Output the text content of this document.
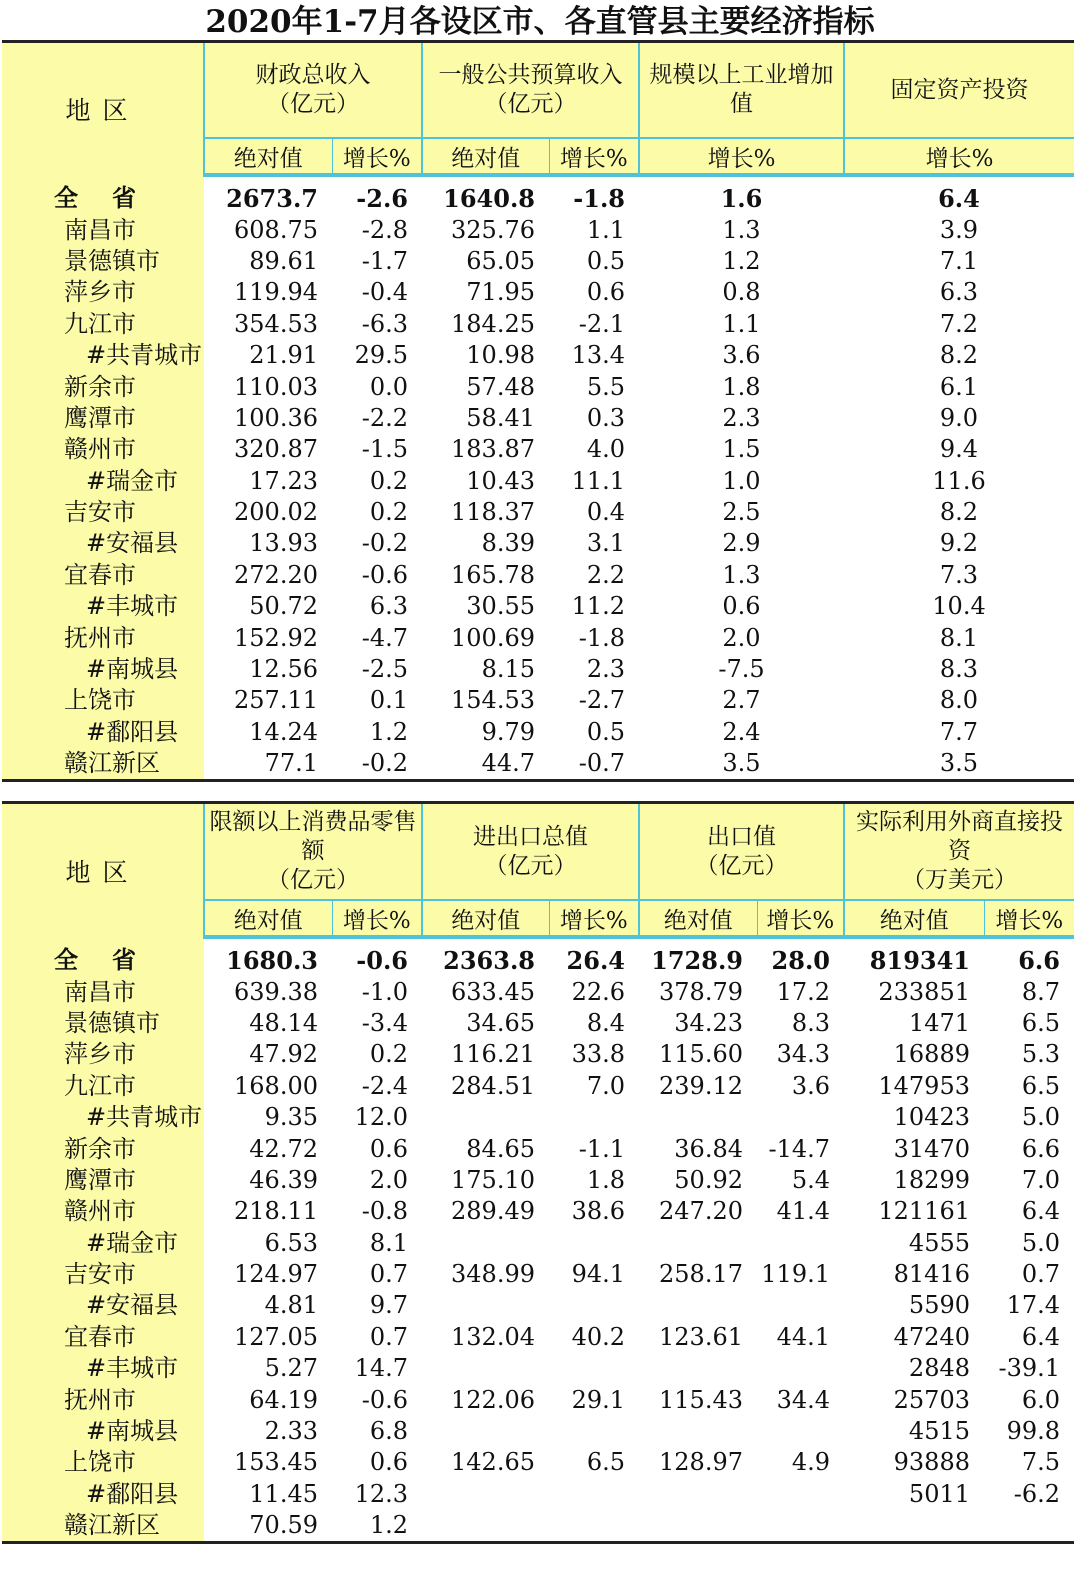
2020年1-7月各设区市、各直管县主要经济指标
地区	财政总收入
（亿元）		一般公共预算收入
（亿元）		规模以上工业增加值	固定资产投资
	绝对值	增长%	绝对值	增长%	增长%	增长%
全省	2673.7	-2.6	1640.8	-1.8	1.6	6.4
南昌市	608.75	-2.8	325.76	1.1	1.3	3.9
景德镇市	89.61	-1.7	65.05	0.5	1.2	7.1
萍乡市	119.94	-0.4	71.95	0.6	0.8	6.3
九江市	354.53	-6.3	184.25	-2.1	1.1	7.2
#共青城市	21.91	29.5	10.98	13.4	3.6	8.2
新余市	110.03	0.0	57.48	5.5	1.8	6.1
鹰潭市	100.36	-2.2	58.41	0.3	2.3	9.0
赣州市	320.87	-1.5	183.87	4.0	1.5	9.4
#瑞金市	17.23	0.2	10.43	11.1	1.0	11.6
吉安市	200.02	0.2	118.37	0.4	2.5	8.2
#安福县	13.93	-0.2	8.39	3.1	2.9	9.2
宜春市	272.20	-0.6	165.78	2.2	1.3	7.3
#丰城市	50.72	6.3	30.55	11.2	0.6	10.4
抚州市	152.92	-4.7	100.69	-1.8	2.0	8.1
#南城县	12.56	-2.5	8.15	2.3	-7.5	8.3
上饶市	257.11	0.1	154.53	-2.7	2.7	8.0
#鄱阳县	14.24	1.2	9.79	0.5	2.4	7.7
赣江新区	77.1	-0.2	44.7	-0.7	3.5	3.5
地区	限额以上消费品零售额
（亿元）		进出口总值
（亿元）		出口值
（亿元）		实际利用外商直接投资
（万美元）	
	绝对值	增长%	绝对值	增长%	绝对值	增长%	绝对值	增长%
全省	1680.3	-0.6	2363.8	26.4	1728.9	28.0	819341	6.6
南昌市	639.38	-1.0	633.45	22.6	378.79	17.2	233851	8.7
景德镇市	48.14	-3.4	34.65	8.4	34.23	8.3	1471	6.5
萍乡市	47.92	0.2	116.21	33.8	115.60	34.3	16889	5.3
九江市	168.00	-2.4	284.51	7.0	239.12	3.6	147953	6.5
#共青城市	9.35	12.0					10423	5.0
新余市	42.72	0.6	84.65	-1.1	36.84	-14.7	31470	6.6
鹰潭市	46.39	2.0	175.10	1.8	50.92	5.4	18299	7.0
赣州市	218.11	-0.8	289.49	38.6	247.20	41.4	121161	6.4
#瑞金市	6.53	8.1					4555	5.0
吉安市	124.97	0.7	348.99	94.1	258.17	119.1	81416	0.7
#安福县	4.81	9.7					5590	17.4
宜春市	127.05	0.7	132.04	40.2	123.61	44.1	47240	6.4
#丰城市	5.27	14.7					2848	-39.1
抚州市	64.19	-0.6	122.06	29.1	115.43	34.4	25703	6.0
#南城县	2.33	6.8					4515	99.8
上饶市	153.45	0.6	142.65	6.5	128.97	4.9	93888	7.5
#鄱阳县	11.45	12.3					5011	-6.2
赣江新区	70.59	1.2						
